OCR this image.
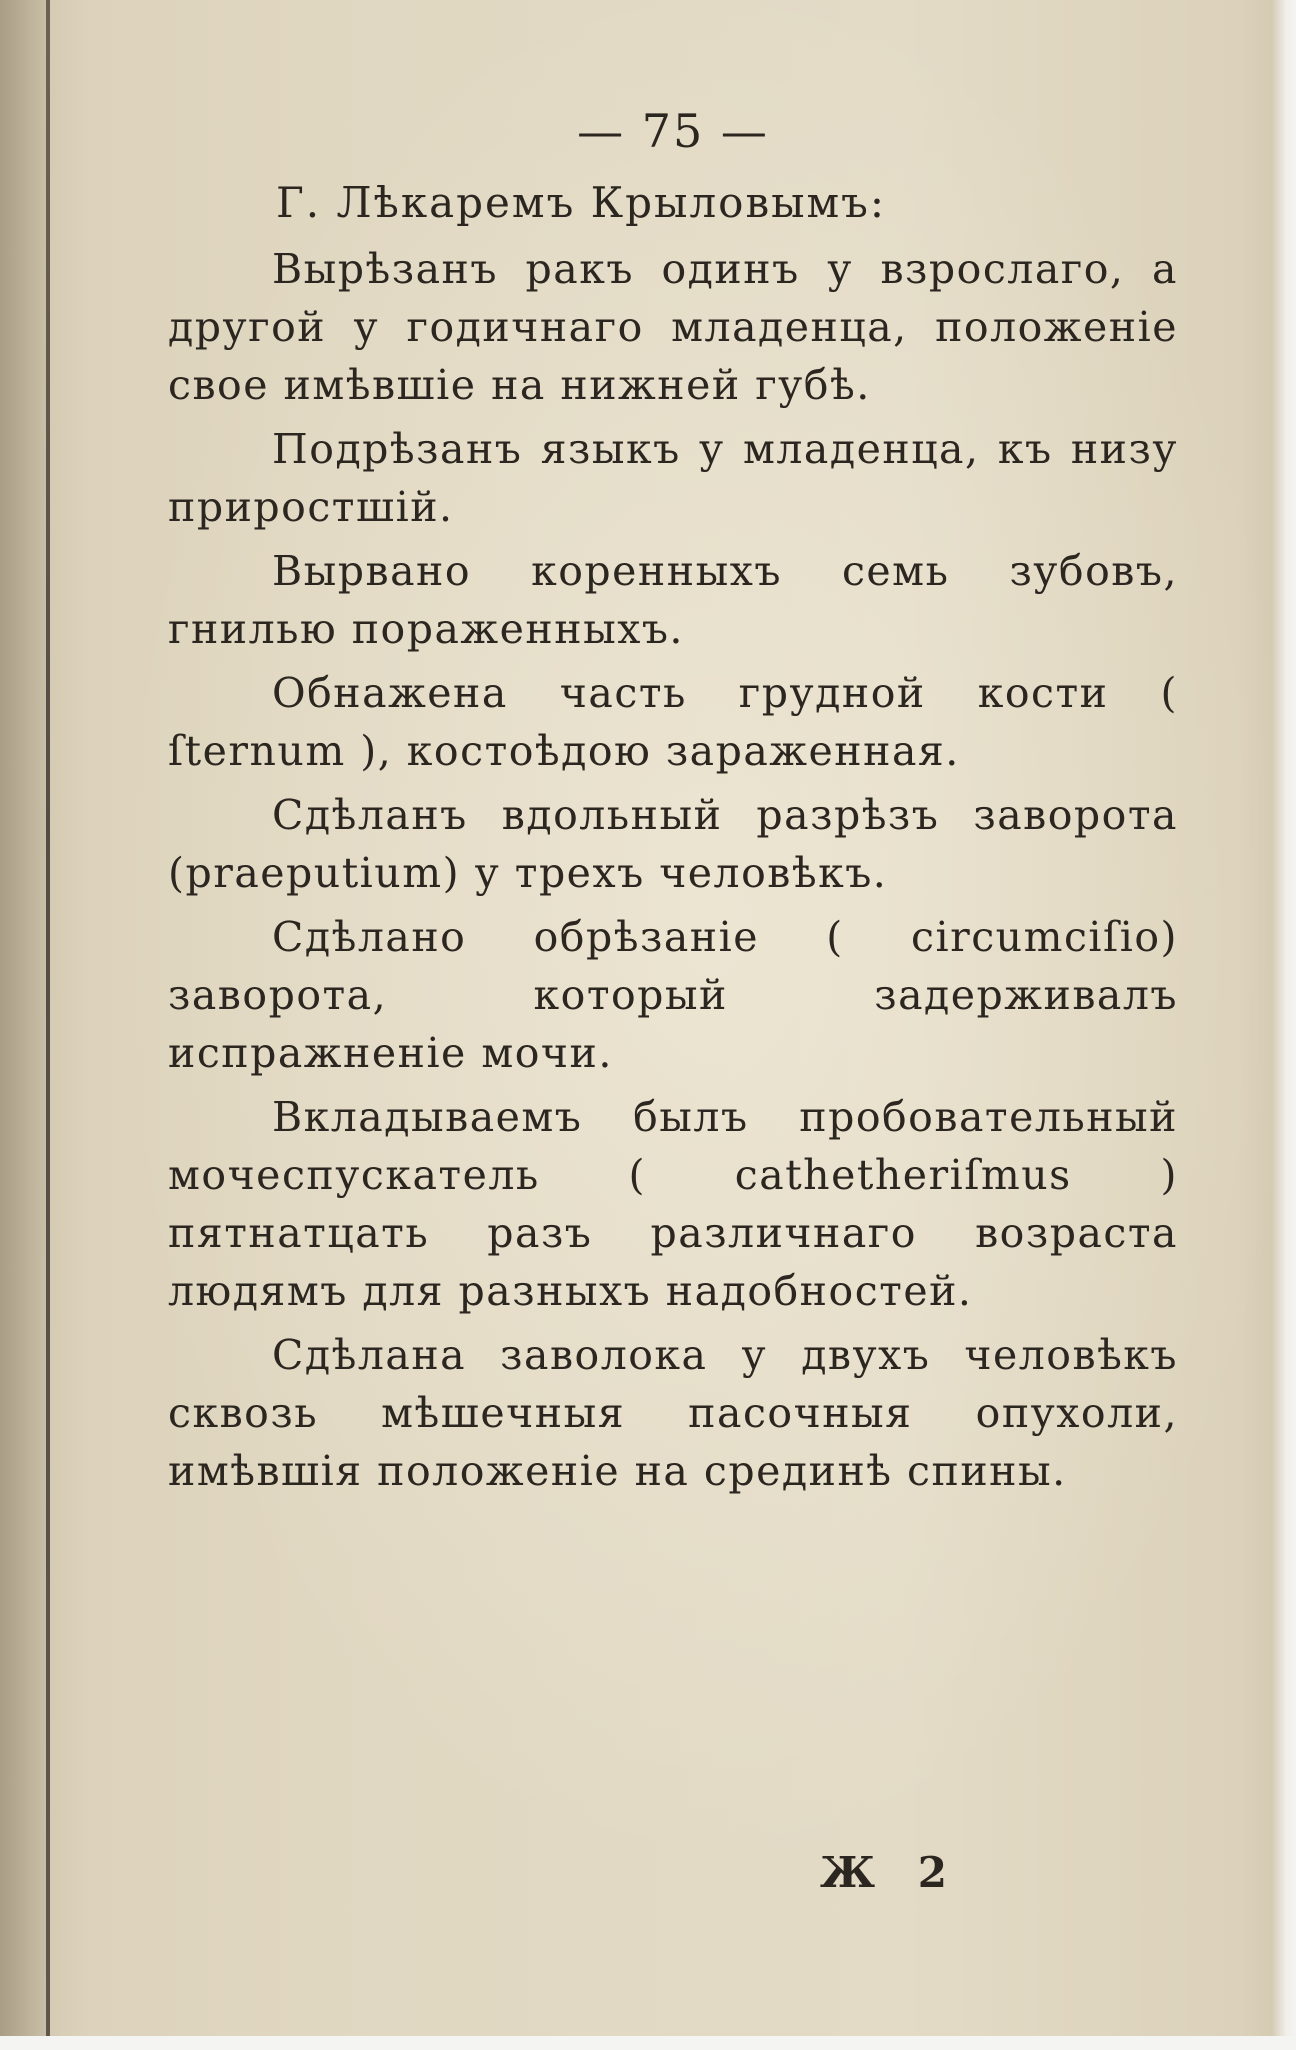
— 75 —
Г. Лѣкаремъ Крыловымъ:

Вырѣзанъ ракъ одинъ у взрослаго, а другой у годичнаго младенца, положеніе свое имѣвшіе на нижней губѣ.

Подрѣзанъ языкъ у младенца, къ низу приростшій.

Вырвано коренныхъ семь зубовъ, гнилью пораженныхъ.

Обнажена часть грудной кости ( ſternum ), костоѣдою зараженная.

Сдѣланъ вдольный разрѣзъ заворота (praeputium) у трехъ человѣкъ.

Сдѣлано обрѣзаніе ( circumciſio) заворота, который задерживалъ испражненіе мочи.

Вкладываемъ былъ пробовательный мочеспускатель ( cathetheriſmus ) пятнатцать разъ различнаго возраста людямъ для разныхъ надобностей.

Сдѣлана заволока у двухъ человѣкъ сквозь мѣшечныя пасочныя опухоли, имѣвшія положеніе на срединѣ спины.

Ж 2
